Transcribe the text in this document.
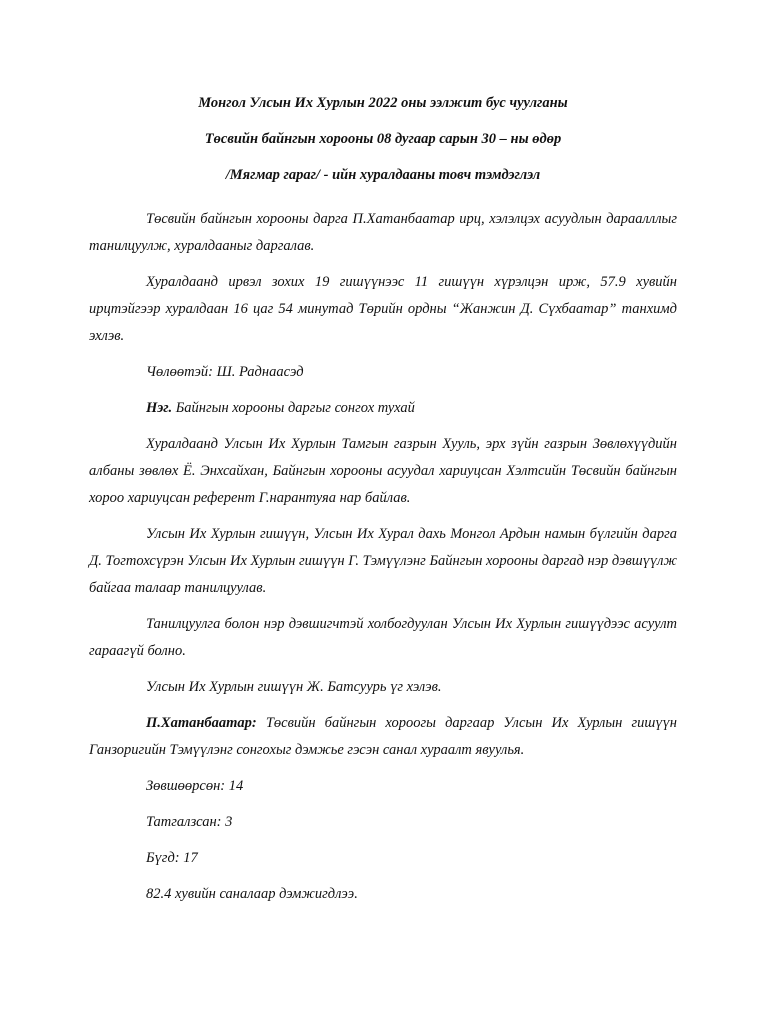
Монгол Улсын Их Хурлын 2022 оны ээлжит бус чуулганы

Төсвийн байнгын хорооны 08 дугаар сарын 30 – ны өдөр

/Мягмар гараг/ - ийн хуралдааны товч тэмдэглэл

Төсвийн байнгын хорооны дарга П.Хатанбаатар ирц, хэлэлцэх асуудлын дараалллыг танилцуулж, хуралдааныг даргалав.

Хуралдаанд ирвэл зохих 19 гишүүнээс 11 гишүүн хүрэлцэн ирж, 57.9 хувийн ирцтэйгээр хуралдаан 16 цаг 54 минутад Төрийн ордны “Жанжин Д. Сүхбаатар” танхимд эхлэв.

Чөлөөтэй: Ш. Раднаасэд

Нэг. Байнгын хорооны даргыг сонгох тухай

Хуралдаанд Улсын Их Хурлын Тамгын газрын Хууль, эрх зүйн газрын Зөвлөхүүдийн албаны зөвлөх Ё. Энхсайхан, Байнгын хорооны асуудал хариуцсан Хэлтсийн Төсвийн байнгын хороо хариуцсан референт Г.нарантуяа нар байлав.

Улсын Их Хурлын гишүүн, Улсын Их Хурал дахь Монгол Ардын намын бүлгийн дарга Д. Тогтохсүрэн Улсын Их Хурлын гишүүн Г. Тэмүүлэнг Байнгын хорооны даргад нэр дэвшүүлж байгаа талаар танилцуулав.

Танилцуулга болон нэр дэвшигчтэй холбогдуулан Улсын Их Хурлын гишүүдээс асуулт гараагүй болно.

Улсын Их Хурлын гишүүн Ж. Батсуурь үг хэлэв.

П.Хатанбаатар: Төсвийн байнгын хороогы даргаар Улсын Их Хурлын гишүүн Ганзоригийн Тэмүүлэнг сонгохыг дэмжье гэсэн санал хураалт явуулья.

Зөвшөөрсөн: 14

Татгалзсан: 3

Бүгд: 17

82.4 хувийн саналаар дэмжигдлээ.
